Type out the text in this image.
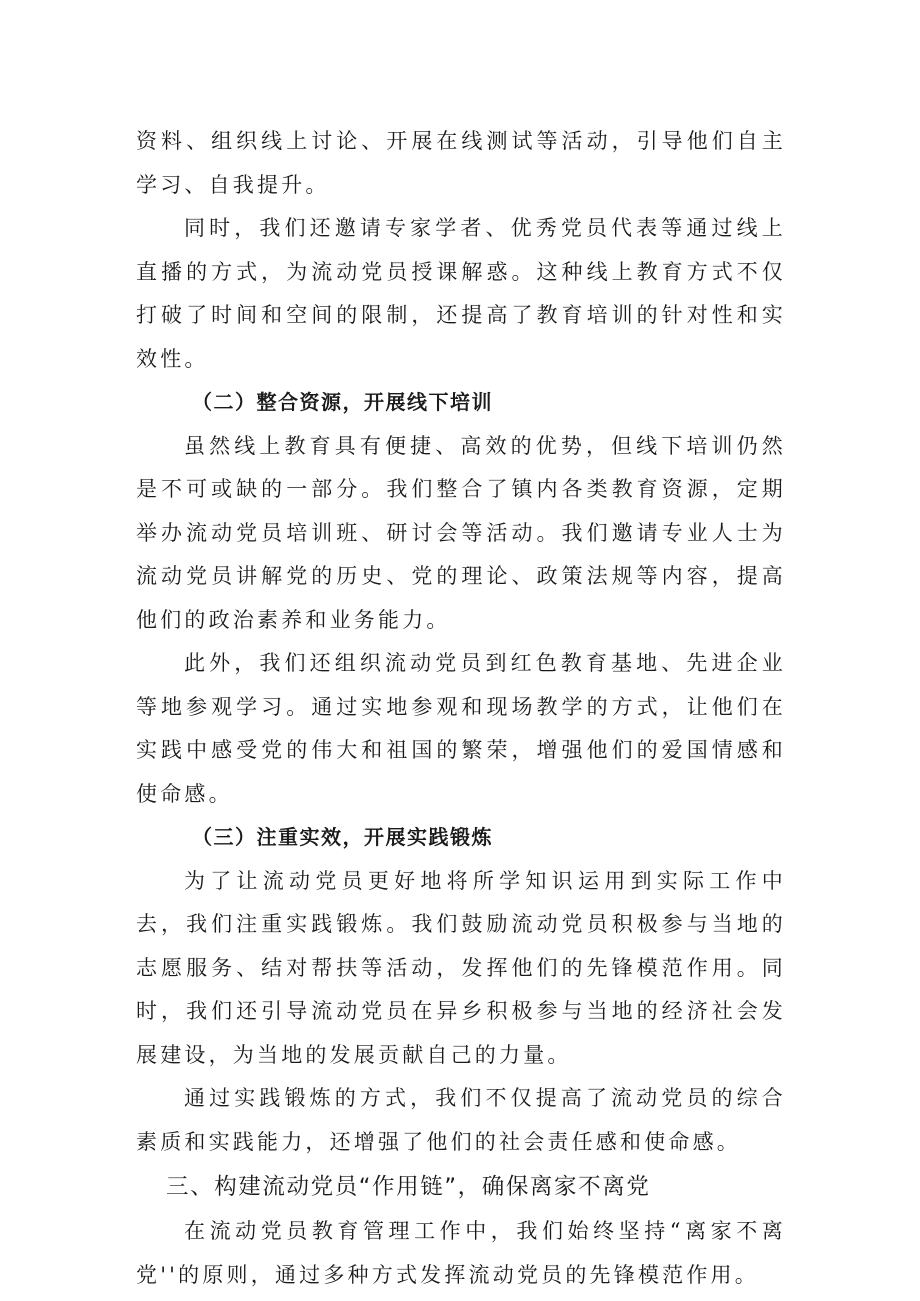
资料、组织线上讨论、开展在线测试等活动，引导他们自主学习、自我提升。

同时，我们还邀请专家学者、优秀党员代表等通过线上直播的方式，为流动党员授课解惑。这种线上教育方式不仅打破了时间和空间的限制，还提高了教育培训的针对性和实效性。

（二）整合资源，开展线下培训

虽然线上教育具有便捷、高效的优势，但线下培训仍然是不可或缺的一部分。我们整合了镇内各类教育资源，定期举办流动党员培训班、研讨会等活动。我们邀请专业人士为流动党员讲解党的历史、党的理论、政策法规等内容，提高他们的政治素养和业务能力。

此外，我们还组织流动党员到红色教育基地、先进企业等地参观学习。通过实地参观和现场教学的方式，让他们在实践中感受党的伟大和祖国的繁荣，增强他们的爱国情感和使命感。

（三）注重实效，开展实践锻炼

为了让流动党员更好地将所学知识运用到实际工作中去，我们注重实践锻炼。我们鼓励流动党员积极参与当地的志愿服务、结对帮扶等活动，发挥他们的先锋模范作用。同时，我们还引导流动党员在异乡积极参与当地的经济社会发展建设，为当地的发展贡献自己的力量。

通过实践锻炼的方式，我们不仅提高了流动党员的综合素质和实践能力，还增强了他们的社会责任感和使命感。

三、构建流动党员“作用链”，确保离家不离党

在流动党员教育管理工作中，我们始终坚持“离家不离党''的原则，通过多种方式发挥流动党员的先锋模范作用。
